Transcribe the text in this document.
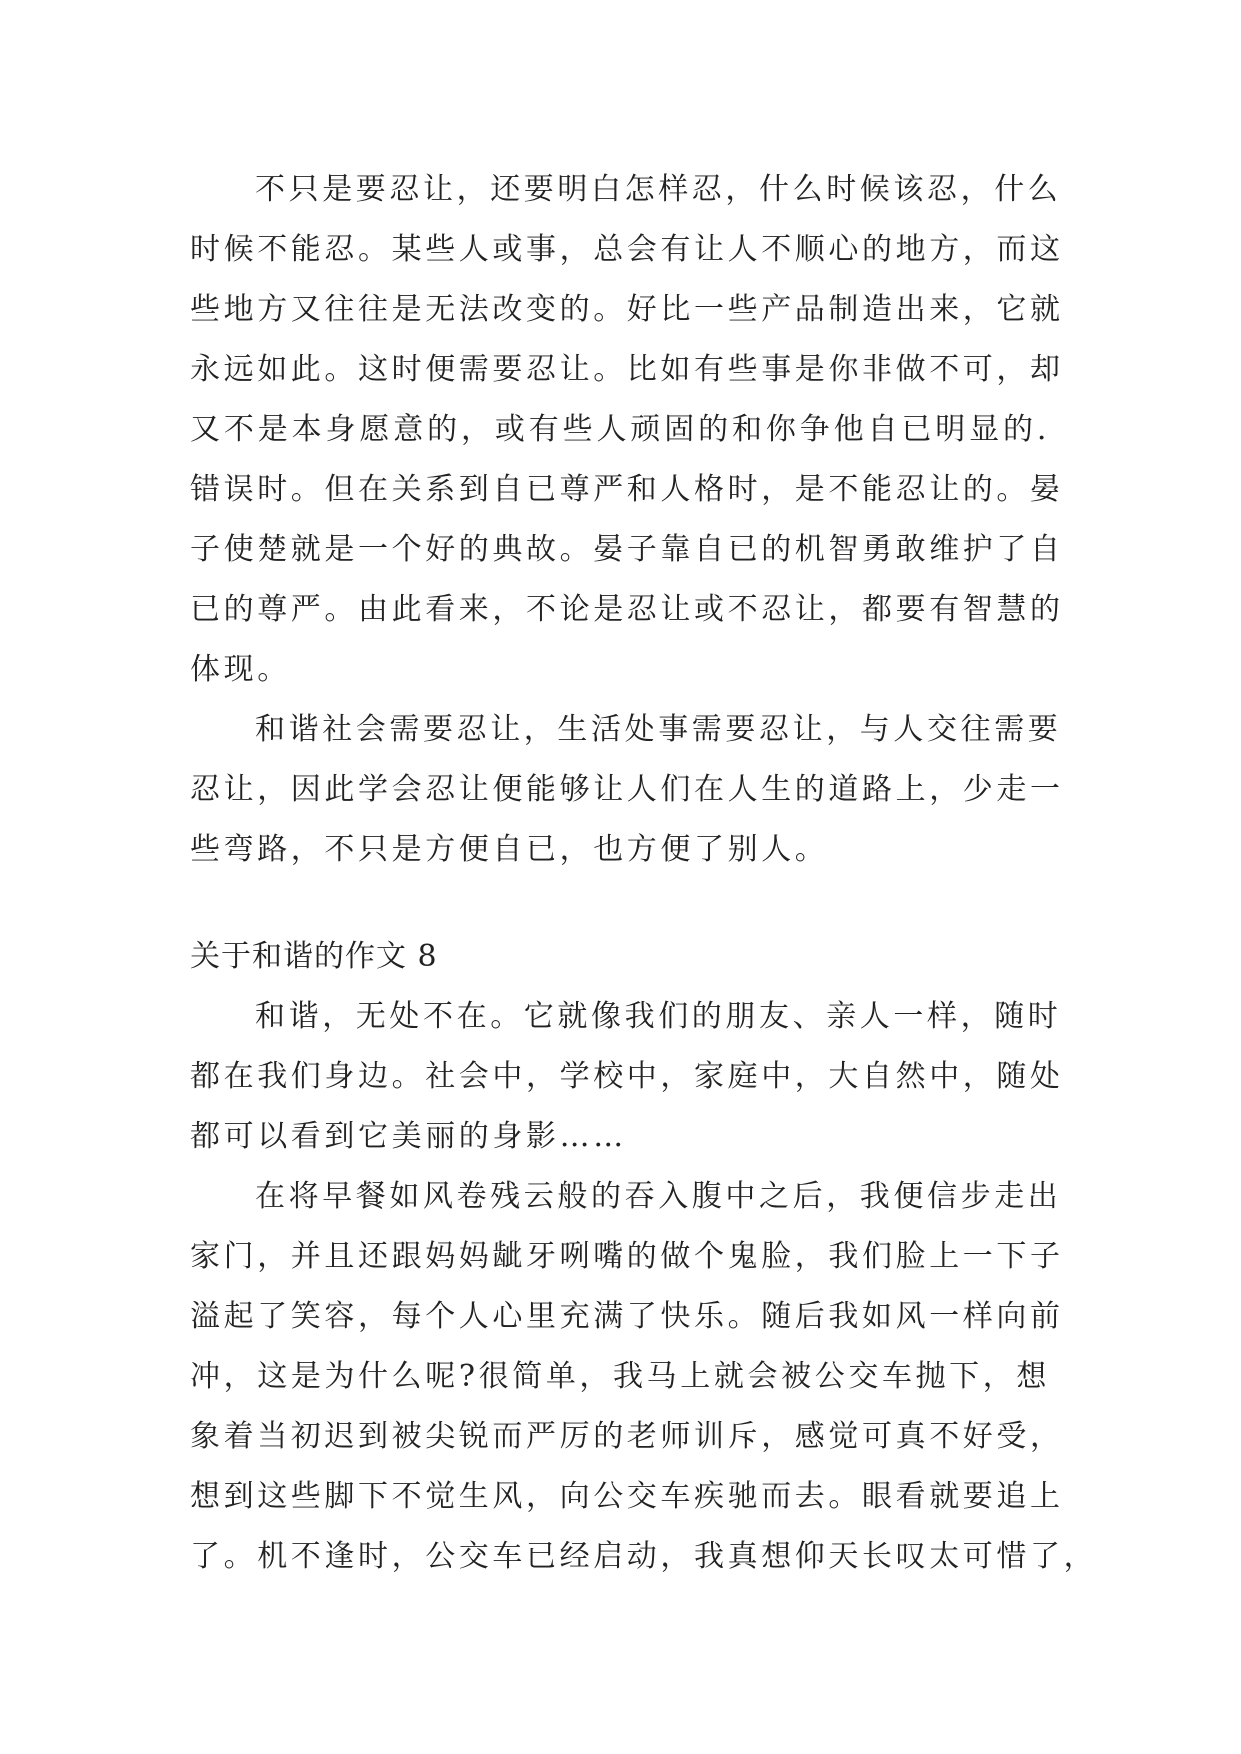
不只是要忍让，还要明白怎样忍，什么时候该忍，什么
时候不能忍。某些人或事，总会有让人不顺心的地方，而这
些地方又往往是无法改变的。好比一些产品制造出来，它就
永远如此。这时便需要忍让。比如有些事是你非做不可，却
又不是本身愿意的，或有些人顽固的和你争他自已明显的.
错误时。但在关系到自已尊严和人格时，是不能忍让的。晏
子使楚就是一个好的典故。晏子靠自已的机智勇敢维护了自
已的尊严。由此看来，不论是忍让或不忍让，都要有智慧的
体现。
和谐社会需要忍让，生活处事需要忍让，与人交往需要
忍让，因此学会忍让便能够让人们在人生的道路上，少走一
些弯路，不只是方便自已，也方便了别人。
关于和谐的作文 8
和谐，无处不在。它就像我们的朋友、亲人一样，随时
都在我们身边。社会中，学校中，家庭中，大自然中，随处
都可以看到它美丽的身影……
在将早餐如风卷残云般的吞入腹中之后，我便信步走出
家门，并且还跟妈妈龇牙咧嘴的做个鬼脸，我们脸上一下子
溢起了笑容，每个人心里充满了快乐。随后我如风一样向前
冲，这是为什么呢?很简单，我马上就会被公交车抛下，想
象着当初迟到被尖锐而严厉的老师训斥，感觉可真不好受，
想到这些脚下不觉生风，向公交车疾驰而去。眼看就要追上
了。机不逢时，公交车已经启动，我真想仰天长叹太可惜了，
